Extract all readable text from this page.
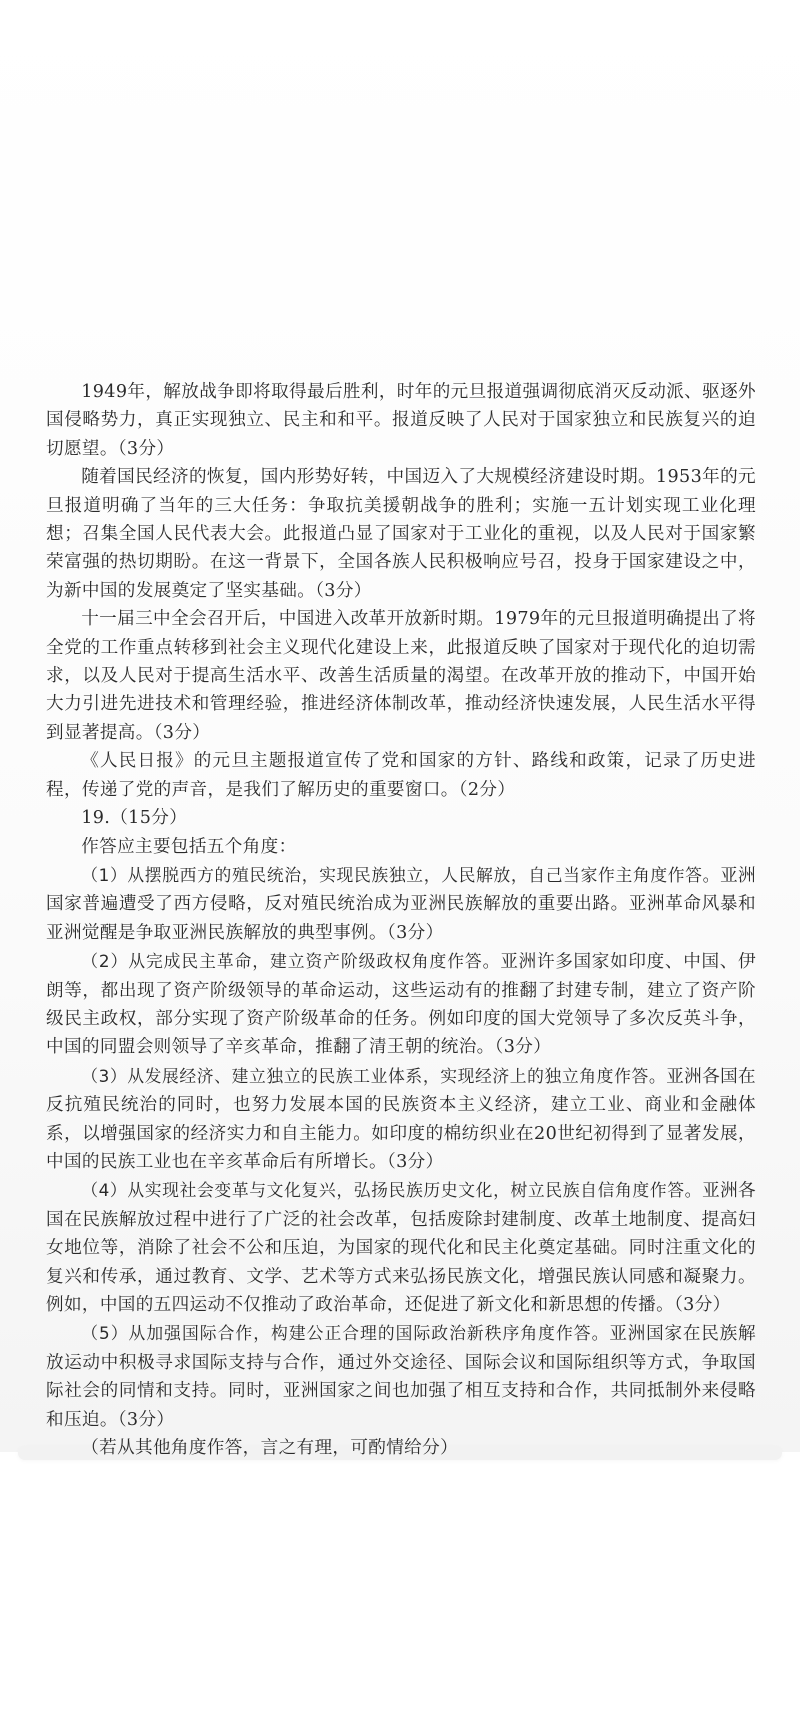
1949年，解放战争即将取得最后胜利，时年的元旦报道强调彻底消灭反动派、驱逐外国侵略势力，真正实现独立、民主和和平。报道反映了人民对于国家独立和民族复兴的迫切愿望。（3分）

随着国民经济的恢复，国内形势好转，中国迈入了大规模经济建设时期。1953年的元旦报道明确了当年的三大任务：争取抗美援朝战争的胜利；实施一五计划实现工业化理想；召集全国人民代表大会。此报道凸显了国家对于工业化的重视，以及人民对于国家繁荣富强的热切期盼。在这一背景下，全国各族人民积极响应号召，投身于国家建设之中，为新中国的发展奠定了坚实基础。（3分）

十一届三中全会召开后，中国进入改革开放新时期。1979年的元旦报道明确提出了将全党的工作重点转移到社会主义现代化建设上来，此报道反映了国家对于现代化的迫切需求，以及人民对于提高生活水平、改善生活质量的渴望。在改革开放的推动下，中国开始大力引进先进技术和管理经验，推进经济体制改革，推动经济快速发展，人民生活水平得到显著提高。（3分）

《人民日报》的元旦主题报道宣传了党和国家的方针、路线和政策，记录了历史进程，传递了党的声音，是我们了解历史的重要窗口。（2分）

19.（15分）

作答应主要包括五个角度：

（1）从摆脱西方的殖民统治，实现民族独立，人民解放，自己当家作主角度作答。亚洲国家普遍遭受了西方侵略，反对殖民统治成为亚洲民族解放的重要出路。亚洲革命风暴和亚洲觉醒是争取亚洲民族解放的典型事例。（3分）

（2）从完成民主革命，建立资产阶级政权角度作答。亚洲许多国家如印度、中国、伊朗等，都出现了资产阶级领导的革命运动，这些运动有的推翻了封建专制，建立了资产阶级民主政权，部分实现了资产阶级革命的任务。例如印度的国大党领导了多次反英斗争，中国的同盟会则领导了辛亥革命，推翻了清王朝的统治。（3分）

（3）从发展经济、建立独立的民族工业体系，实现经济上的独立角度作答。亚洲各国在反抗殖民统治的同时，也努力发展本国的民族资本主义经济，建立工业、商业和金融体系，以增强国家的经济实力和自主能力。如印度的棉纺织业在20世纪初得到了显著发展，中国的民族工业也在辛亥革命后有所增长。（3分）

（4）从实现社会变革与文化复兴，弘扬民族历史文化，树立民族自信角度作答。亚洲各国在民族解放过程中进行了广泛的社会改革，包括废除封建制度、改革土地制度、提高妇女地位等，消除了社会不公和压迫，为国家的现代化和民主化奠定基础。同时注重文化的复兴和传承，通过教育、文学、艺术等方式来弘扬民族文化，增强民族认同感和凝聚力。例如，中国的五四运动不仅推动了政治革命，还促进了新文化和新思想的传播。（3分）

（5）从加强国际合作，构建公正合理的国际政治新秩序角度作答。亚洲国家在民族解放运动中积极寻求国际支持与合作，通过外交途径、国际会议和国际组织等方式，争取国际社会的同情和支持。同时，亚洲国家之间也加强了相互支持和合作，共同抵制外来侵略和压迫。（3分）

（若从其他角度作答，言之有理，可酌情给分）
